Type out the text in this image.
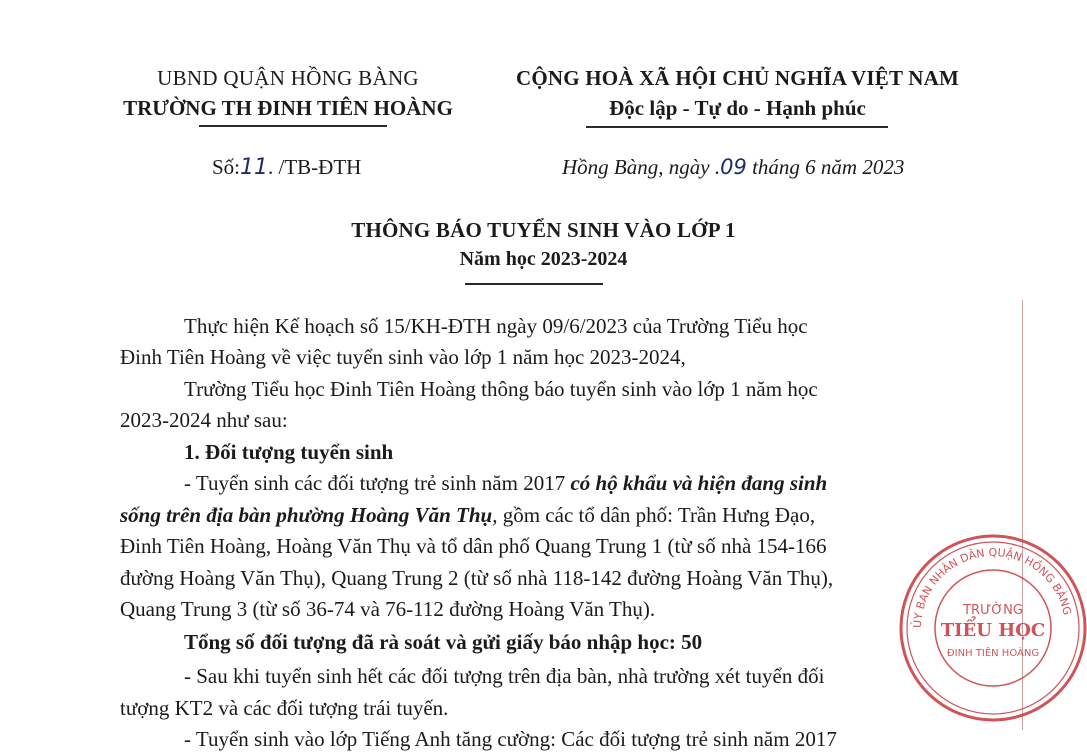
UBND QUẬN HỒNG BÀNG
TRƯỜNG TH ĐINH TIÊN HOÀNG
CỘNG HOÀ XÃ HỘI CHỦ NGHĨA VIỆT NAM
Độc lập - Tự do - Hạnh phúc
Số:11. /TB-ĐTH	Hồng Bàng, ngày .09 tháng 6 năm 2023
THÔNG BÁO TUYỂN SINH VÀO LỚP 1
Năm học 2023-2024
Thực hiện Kế hoạch số 15/KH-ĐTH ngày 09/6/2023 của Trường Tiểu học
Đinh Tiên Hoàng về việc tuyển sinh vào lớp 1 năm học 2023-2024,
Trường Tiểu học Đinh Tiên Hoàng thông báo tuyển sinh vào lớp 1 năm học
2023-2024 như sau:
1. Đối tượng tuyển sinh
- Tuyển sinh các đối tượng trẻ sinh năm 2017 có hộ khẩu và hiện đang sinh
sống trên địa bàn phường Hoàng Văn Thụ, gồm các tổ dân phố: Trần Hưng Đạo,
Đinh Tiên Hoàng, Hoàng Văn Thụ và tổ dân phố Quang Trung 1 (từ số nhà 154-166
đường Hoàng Văn Thụ), Quang Trung 2 (từ số nhà 118-142 đường Hoàng Văn Thụ),
Quang Trung 3 (từ số 36-74 và 76-112 đường Hoàng Văn Thụ).
Tổng số đối tượng đã rà soát và gửi giấy báo nhập học: 50
- Sau khi tuyển sinh hết các đối tượng trên địa bàn, nhà trường xét tuyển đối
tượng KT2 và các đối tượng trái tuyến.
- Tuyển sinh vào lớp Tiếng Anh tăng cường: Các đối tượng trẻ sinh năm 2017
ỦY BAN NHÂN DÂN QUẬN HỒNG BÀNG
TRƯỜNG
TIỂU HỌC
ĐINH TIÊN HOÀNG
